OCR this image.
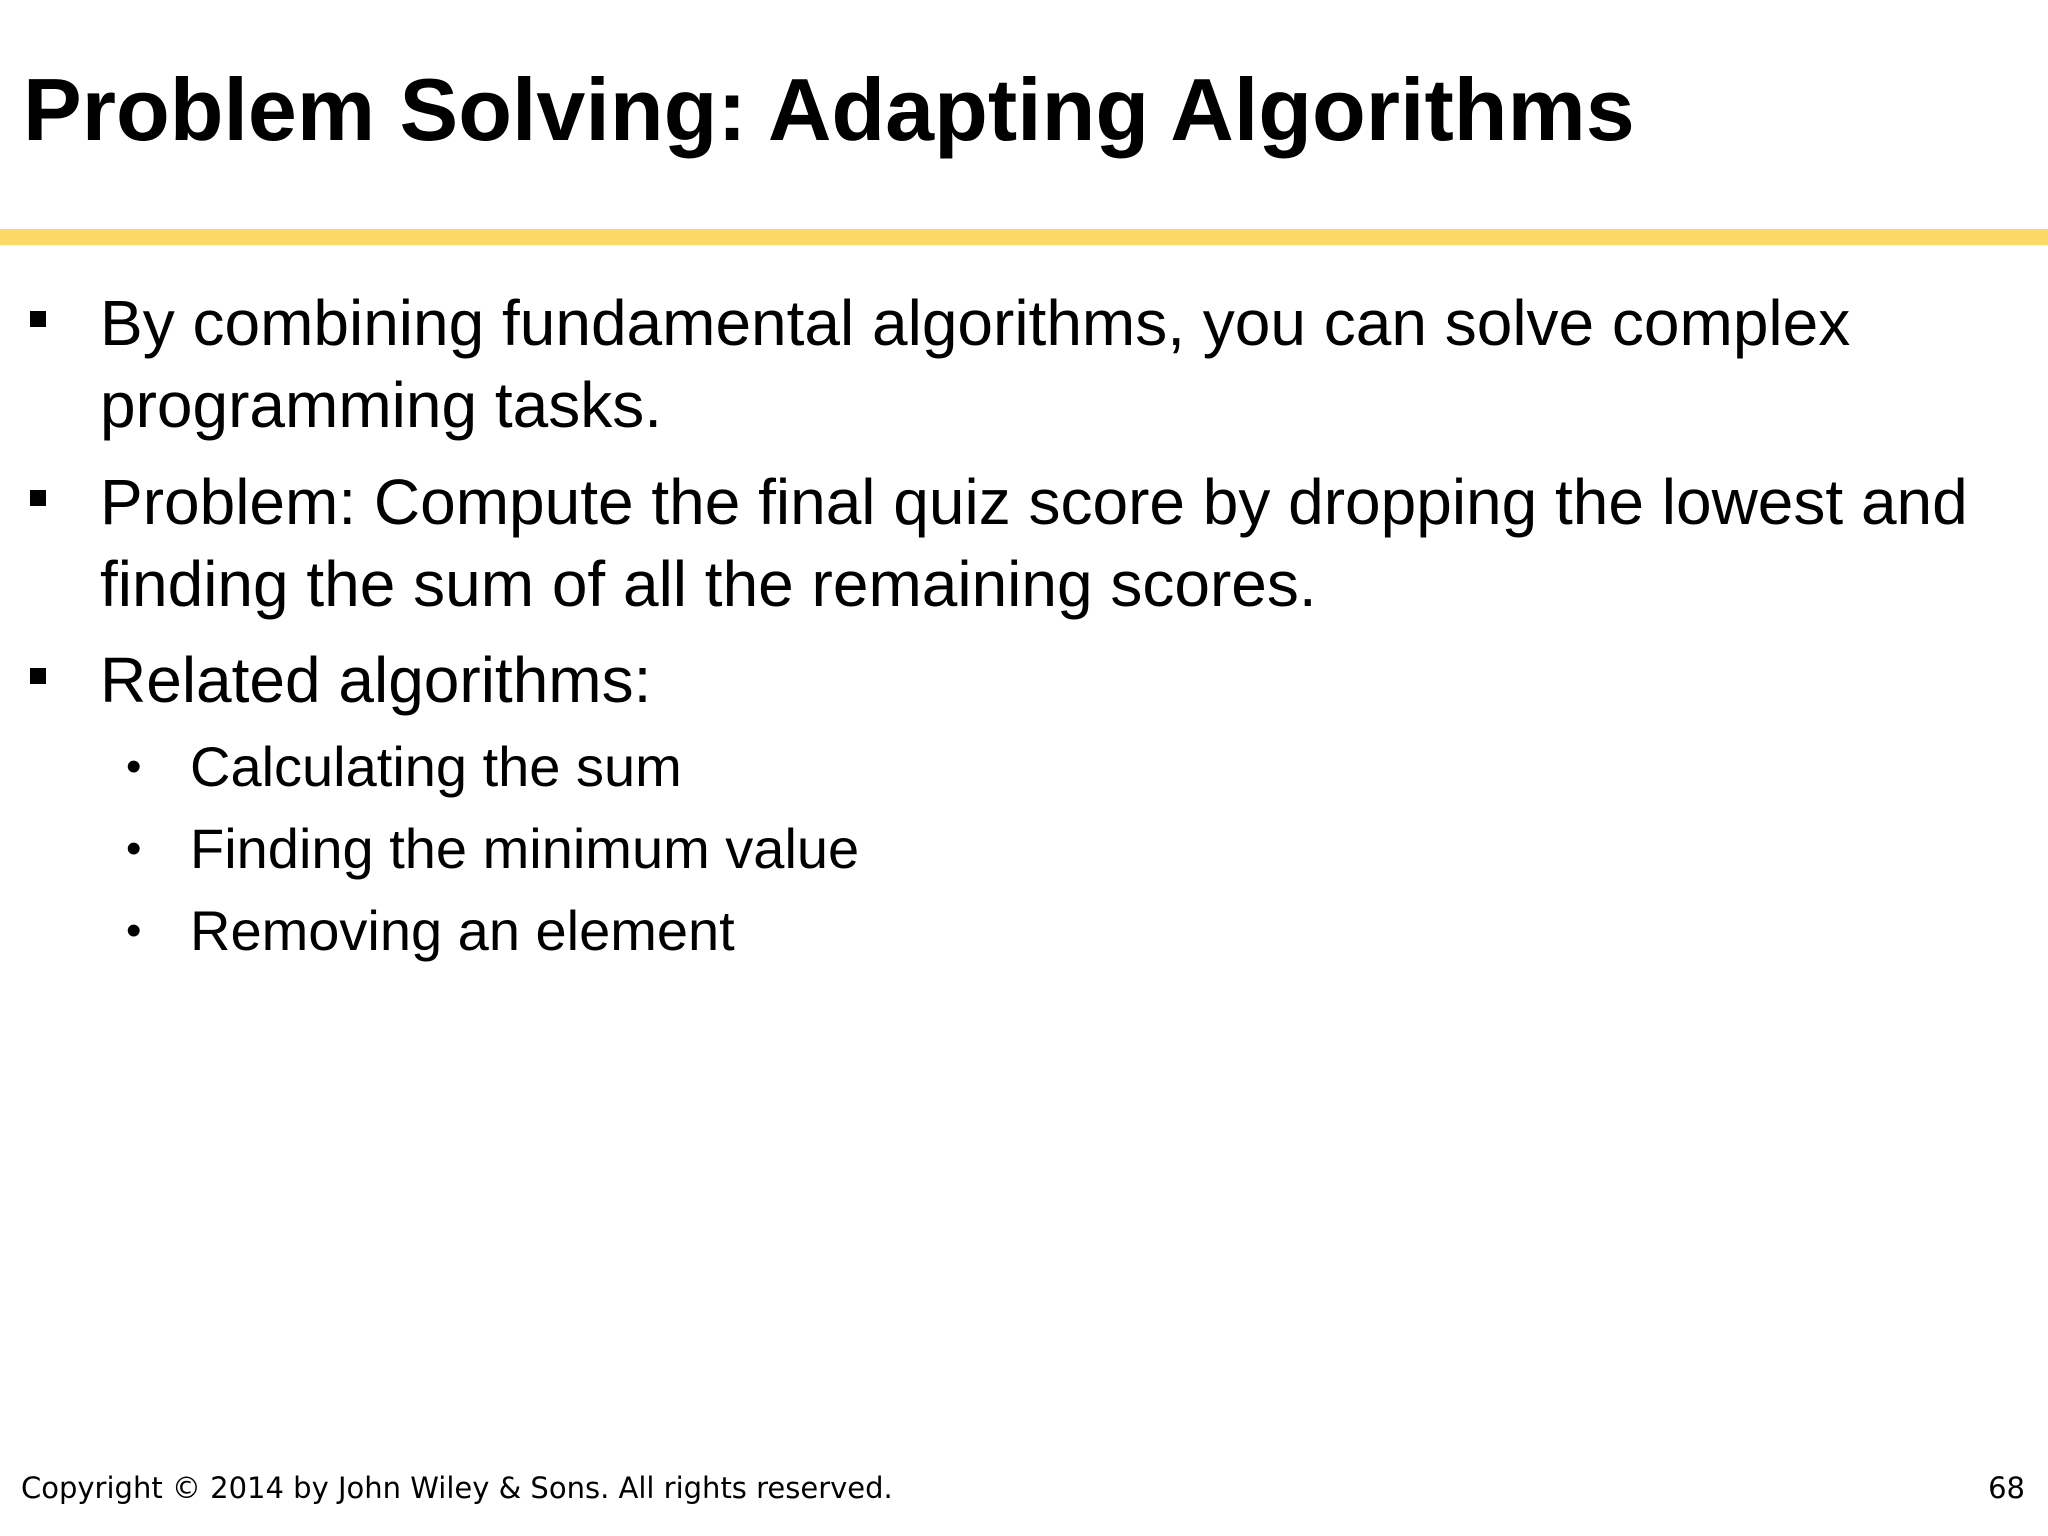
Problem Solving: Adapting Algorithms
By combining fundamental algorithms, you can solve complex programming tasks.
Problem: Compute the final quiz score by dropping the lowest and finding the sum of all the remaining scores.
Related algorithms:
• Calculating the sum
• Finding the minimum value
• Removing an element
Copyright © 2014 by John Wiley & Sons. All rights reserved.	68
